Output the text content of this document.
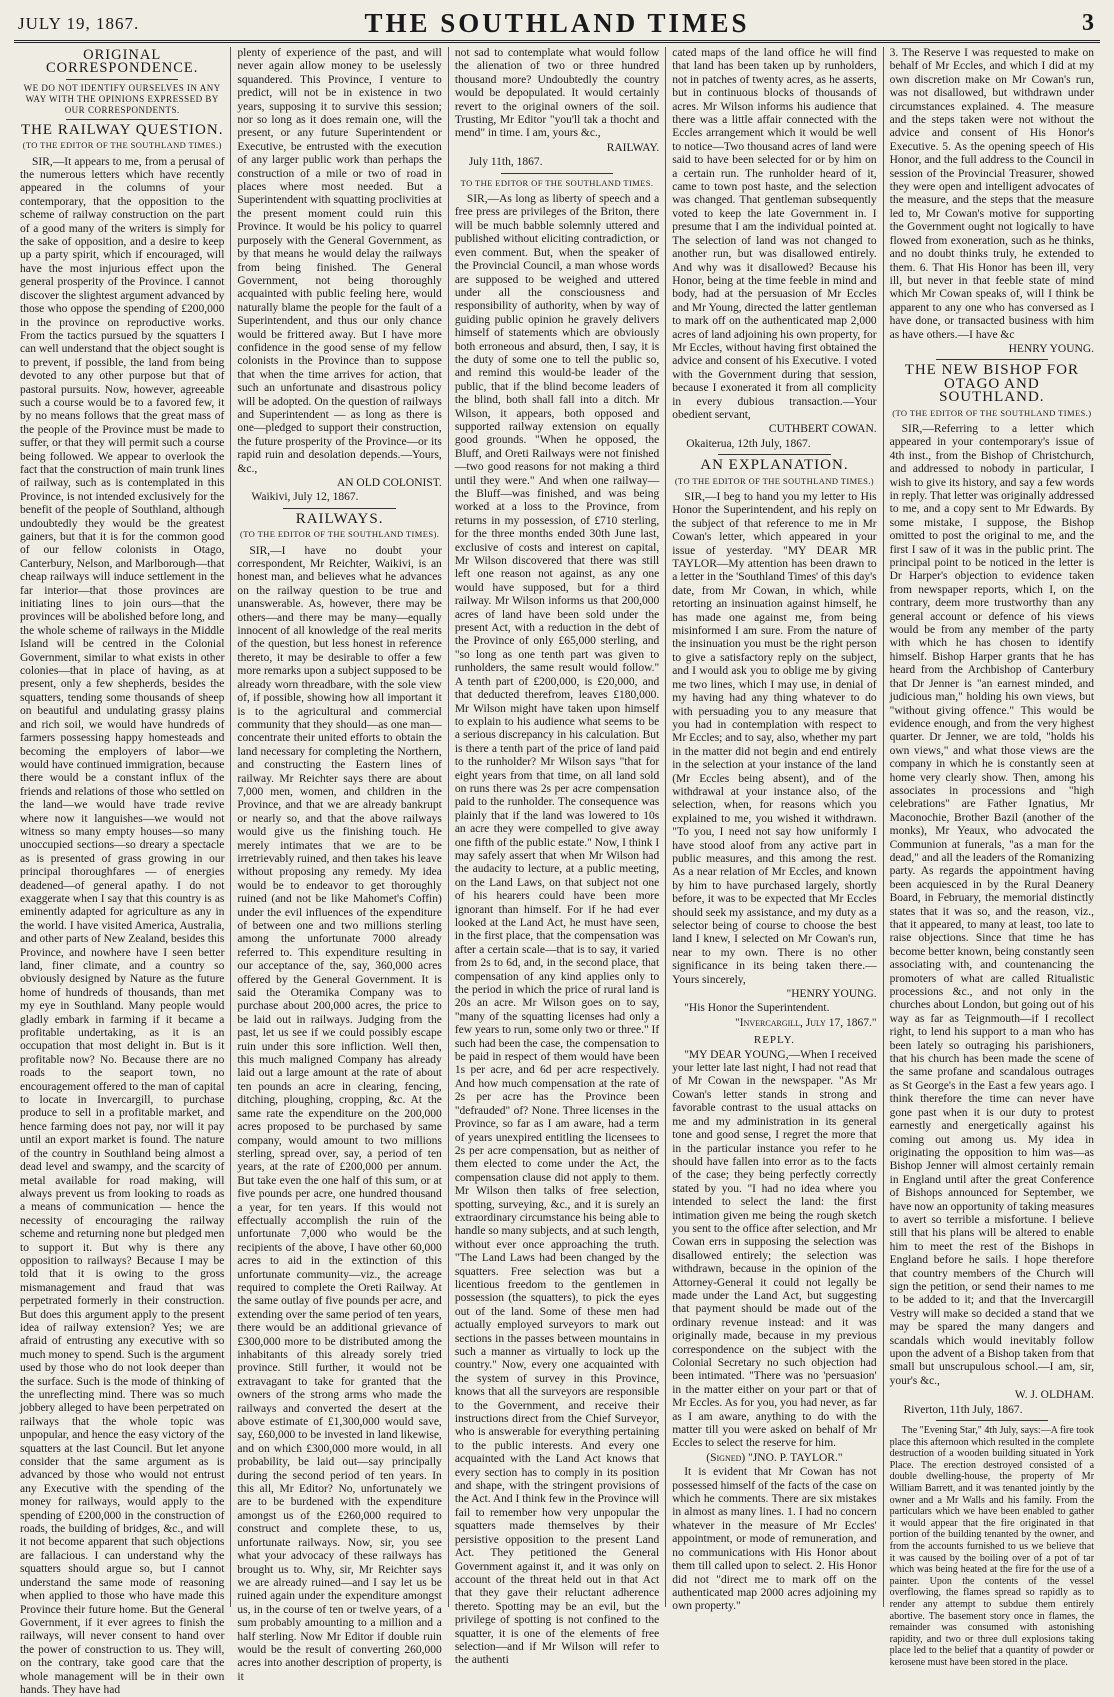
JULY 19, 1867.	THE SOUTHLAND TIMES	3
ORIGINAL CORRESPONDENCE.
WE DO NOT IDENTIFY OURSELVES IN ANY WAY WITH THE OPINIONS EXPRESSED BY OUR CORRESPONDENTS.
THE RAILWAY QUESTION.
(TO THE EDITOR OF THE SOUTHLAND TIMES.)

SIR,—It appears to me, from a perusal of the numerous letters which have recently appeared in the columns of your contemporary, that the opposition to the scheme of railway construction on the part of a good many of the writers is simply for the sake of opposition, and a desire to keep up a party spirit, which if encouraged, will have the most injurious effect upon the general prosperity of the Province. I cannot discover the slightest argument advanced by those who oppose the spending of £200,000 in the province on reproductive works. From the tactics pursued by the squatters I can well understand that the object sought is to prevent, if possible, the land from being devoted to any other purpose but that of pastoral pursuits. Now, however, agreeable such a course would be to a favored few, it by no means follows that the great mass of the people of the Province must be made to suffer, or that they will permit such a course being followed. We appear to overlook the fact that the construction of main trunk lines of railway, such as is contemplated in this Province, is not intended exclusively for the benefit of the people of Southland, although undoubtedly they would be the greatest gainers, but that it is for the common good of our fellow colonists in Otago, Canterbury, Nelson, and Marlborough—that cheap railways will induce settlement in the far interior—that those provinces are initiating lines to join ours—that the provinces will be abolished before long, and the whole scheme of railways in the Middle Island will be centred in the Colonial Government, similar to what exists in other colonies—that in place of having, as at present, only a few shepherds, besides the squatters, tending some thousands of sheep on beautiful and undulating grassy plains and rich soil, we would have hundreds of farmers possessing happy homesteads and becoming the employers of labor—we would have continued immigration, because there would be a constant influx of the friends and relations of those who settled on the land—we would have trade revive where now it languishes—we would not witness so many empty houses—so many unoccupied sections—so dreary a spectacle as is presented of grass growing in our principal thoroughfares — of energies deadened—of general apathy. I do not exaggerate when I say that this country is as eminently adapted for agriculture as any in the world. I have visited America, Australia, and other parts of New Zealand, besides this Province, and nowhere have I seen better land, finer climate, and a country so obviously designed by Nature as the future home of hundreds of thousands, than met my eye in Southland. Many people would gladly embark in farming if it became a profitable undertaking, as it is an occupation that most delight in. But is it profitable now? No. Because there are no roads to the seaport town, no encouragement offered to the man of capital to locate in Invercargill, to purchase produce to sell in a profitable market, and hence farming does not pay, nor will it pay until an export market is found. The nature of the country in Southland being almost a dead level and swampy, and the scarcity of metal available for road making, will always prevent us from looking to roads as a means of communication — hence the necessity of encouraging the railway scheme and returning none but pledged men to support it. But why is there any opposition to railways? Because I may be told that it is owing to the gross mismanagement and fraud that was perpetrated formerly in their construction. But does this argument apply to the present idea of railway extension? Yes; we are afraid of entrusting any executive with so much money to spend. Such is the argument used by those who do not look deeper than the surface. Such is the mode of thinking of the unreflecting mind. There was so much jobbery alleged to have been perpetrated on railways that the whole topic was unpopular, and hence the easy victory of the squatters at the last Council. But let anyone consider that the same argument as is advanced by those who would not entrust any Executive with the spending of the money for railways, would apply to the spending of £200,000 in the construction of roads, the building of bridges, &c., and will it not become apparent that such objections are fallacious. I can understand why the squatters should argue so, but I cannot understand the same mode of reasoning when applied to those who have made this Province their future home. But the General Government, if it ever agrees to finish the railways, will never consent to hand over the power of construction to us. They will, on the contrary, take good care that the whole management will be in their own hands. They have had

plenty of experience of the past, and will never again allow money to be uselessly squandered. This Province, I venture to predict, will not be in existence in two years, supposing it to survive this session; nor so long as it does remain one, will the present, or any future Superintendent or Executive, be entrusted with the execution of any larger public work than perhaps the construction of a mile or two of road in places where most needed. But a Superintendent with squatting proclivities at the present moment could ruin this Province. It would be his policy to quarrel purposely with the General Government, as by that means he would delay the railways from being finished. The General Government, not being thoroughly acquainted with public feeling here, would naturally blame the people for the fault of a Superintendent, and thus our only chance would be frittered away. But I have more confidence in the good sense of my fellow colonists in the Province than to suppose that when the time arrives for action, that such an unfortunate and disastrous policy will be adopted. On the question of railways and Superintendent — as long as there is one—pledged to support their construction, the future prosperity of the Province—or its rapid ruin and desolation depends.—Yours, &c.,

AN OLD COLONIST.
Waikivi, July 12, 1867.
RAILWAYS.
(TO THE EDITOR OF THE SOUTHLAND TIMES).

SIR,—I have no doubt your correspondent, Mr Reichter, Waikivi, is an honest man, and believes what he advances on the railway question to be true and unanswerable. As, however, there may be others—and there may be many—equally innocent of all knowledge of the real merits of the question, but less honest in reference thereto, it may be desirable to offer a few more remarks upon a subject supposed to be already worn threadbare, with the sole view of, if possible, showing how all important it is to the agricultural and commercial community that they should—as one man—concentrate their united efforts to obtain the land necessary for completing the Northern, and constructing the Eastern lines of railway. Mr Reichter says there are about 7,000 men, women, and children in the Province, and that we are already bankrupt or nearly so, and that the above railways would give us the finishing touch. He merely intimates that we are to be irretrievably ruined, and then takes his leave without proposing any remedy. My idea would be to endeavor to get thoroughly ruined (and not be like Mahomet's Coffin) under the evil influences of the expenditure of between one and two millions sterling among the unfortunate 7000 already referred to. This expenditure resulting in our acceptance of the, say, 360,000 acres offered by the General Government. It is said the Oteramika Company was to purchase about 200,000 acres, the price to be laid out in railways. Judging from the past, let us see if we could possibly escape ruin under this sore infliction. Well then, this much maligned Company has already laid out a large amount at the rate of about ten pounds an acre in clearing, fencing, ditching, ploughing, cropping, &c. At the same rate the expenditure on the 200,000 acres proposed to be purchased by same company, would amount to two millions sterling, spread over, say, a period of ten years, at the rate of £200,000 per annum. But take even the one half of this sum, or at five pounds per acre, one hundred thousand a year, for ten years. If this would not effectually accomplish the ruin of the unfortunate 7,000 who would be the recipients of the above, I have other 60,000 acres to aid in the extinction of this unfortunate community—viz., the acreage required to complete the Oreti Railway. At the same outlay of five pounds per acre, and extending over the same period of ten years, there would be an additional grievance of £300,000 more to be distributed among the inhabitants of this already sorely tried province. Still further, it would not be extravagant to take for granted that the owners of the strong arms who made the railways and converted the desert at the above estimate of £1,300,000 would save, say, £60,000 to be invested in land likewise, and on which £300,000 more would, in all probability, be laid out—say principally during the second period of ten years. In this all, Mr Editor? No, unfortunately we are to be burdened with the expenditure amongst us of the £260,000 required to construct and complete these, to us, unfortunate railways. Now, sir, you see what your advocacy of these railways has brought us to. Why, sir, Mr Reichter says we are already ruined—and I say let us be ruined again under the expenditure amongst us, in the course of ten or twelve years, of a sum probably amounting to a million and a half sterling. Now Mr Editor if double ruin would be the result of converting 260,000 acres into another description of property, is it

not sad to contemplate what would follow the alienation of two or three hundred thousand more? Undoubtedly the country would be depopulated. It would certainly revert to the original owners of the soil. Trusting, Mr Editor "you'll tak a thocht and mend" in time. I am, yours &c.,

RAILWAY.
July 11th, 1867.
TO THE EDITOR OF THE SOUTHLAND TIMES.

SIR,—As long as liberty of speech and a free press are privileges of the Briton, there will be much babble solemnly uttered and published without eliciting contradiction, or even comment. But, when the speaker of the Provincial Council, a man whose words are supposed to be weighed and uttered under all the consciousness and responsibility of authority, when by way of guiding public opinion he gravely delivers himself of statements which are obviously both erroneous and absurd, then, I say, it is the duty of some one to tell the public so, and remind this would-be leader of the public, that if the blind become leaders of the blind, both shall fall into a ditch. Mr Wilson, it appears, both opposed and supported railway extension on equally good grounds. "When he opposed, the Bluff, and Oreti Railways were not finished—two good reasons for not making a third until they were." And when one railway—the Bluff—was finished, and was being worked at a loss to the Province, from returns in my possession, of £710 sterling, for the three months ended 30th June last, exclusive of costs and interest on capital, Mr Wilson discovered that there was still left one reason not against, as any one would have supposed, but for a third railway. Mr Wilson informs us that 200,000 acres of land have been sold under the present Act, with a reduction in the debt of the Province of only £65,000 sterling, and "so long as one tenth part was given to runholders, the same result would follow." A tenth part of £200,000, is £20,000, and that deducted therefrom, leaves £180,000. Mr Wilson might have taken upon himself to explain to his audience what seems to be a serious discrepancy in his calculation. But is there a tenth part of the price of land paid to the runholder? Mr Wilson says "that for eight years from that time, on all land sold on runs there was 2s per acre compensation paid to the runholder. The consequence was plainly that if the land was lowered to 10s an acre they were compelled to give away one fifth of the public estate." Now, I think I may safely assert that when Mr Wilson had the audacity to lecture, at a public meeting, on the Land Laws, on that subject not one of his hearers could have been more ignorant than himself. For if he had ever looked at the Land Act, he must have seen, in the first place, that the compensation was after a certain scale—that is to say, it varied from 2s to 6d, and, in the second place, that compensation of any kind applies only to the period in which the price of rural land is 20s an acre. Mr Wilson goes on to say, "many of the squatting licenses had only a few years to run, some only two or three." If such had been the case, the compensation to be paid in respect of them would have been 1s per acre, and 6d per acre respectively. And how much compensation at the rate of 2s per acre has the Province been "defrauded" of? None. Three licenses in the Province, so far as I am aware, had a term of years unexpired entitling the licensees to 2s per acre compensation, but as neither of them elected to come under the Act, the compensation clause did not apply to them. Mr Wilson then talks of free selection, spotting, surveying, &c., and it is surely an extraordinary circumstance his being able to handle so many subjects, and at such length, without ever once approaching the truth. "The Land Laws had been changed by the squatters. Free selection was but a licentious freedom to the gentlemen in possession (the squatters), to pick the eyes out of the land. Some of these men had actually employed surveyors to mark out sections in the passes between mountains in such a manner as virtually to lock up the country." Now, every one acquainted with the system of survey in this Province, knows that all the surveyors are responsible to the Government, and receive their instructions direct from the Chief Surveyor, who is answerable for everything pertaining to the public interests. And every one acquainted with the Land Act knows that every section has to comply in its position and shape, with the stringent provisions of the Act. And I think few in the Province will fail to remember how very unpopular the squatters made themselves by their persistive opposition to the present Land Act. They petitioned the General Government against it, and it was only on account of the threat held out in that Act that they gave their reluctant adherence thereto. Spotting may be an evil, but the privilege of spotting is not confined to the squatter, it is one of the elements of free selection—and if Mr Wilson will refer to the authenti

cated maps of the land office he will find that land has been taken up by runholders, not in patches of twenty acres, as he asserts, but in continuous blocks of thousands of acres. Mr Wilson informs his audience that there was a little affair connected with the Eccles arrangement which it would be well to notice—Two thousand acres of land were said to have been selected for or by him on a certain run. The runholder heard of it, came to town post haste, and the selection was changed. That gentleman subsequently voted to keep the late Government in. I presume that I am the individual pointed at. The selection of land was not changed to another run, but was disallowed entirely. And why was it disallowed? Because his Honor, being at the time feeble in mind and body, had at the persuasion of Mr Eccles and Mr Young, directed the latter gentleman to mark off on the authenticated map 2,000 acres of land adjoining his own property, for Mr Eccles, without having first obtained the advice and consent of his Executive. I voted with the Government during that session, because I exonerated it from all complicity in every dubious transaction.—Your obedient servant,

CUTHBERT COWAN.
Okaiterua, 12th July, 1867.
AN EXPLANATION.
(TO THE EDITOR OF THE SOUTHLAND TIMES.)

SIR,—I beg to hand you my letter to His Honor the Superintendent, and his reply on the subject of that reference to me in Mr Cowan's letter, which appeared in your issue of yesterday. "MY DEAR MR TAYLOR—My attention has been drawn to a letter in the 'Southland Times' of this day's date, from Mr Cowan, in which, while retorting an insinuation against himself, he has made one against me, from being misinformed I am sure. From the nature of the insinuation you must be the right person to give a satisfactory reply on the subject, and I would ask you to oblige me by giving me two lines, which I may use, in denial of my having had any thing whatever to do with persuading you to any measure that you had in contemplation with respect to Mr Eccles; and to say, also, whether my part in the matter did not begin and end entirely in the selection at your instance of the land (Mr Eccles being absent), and of the withdrawal at your instance also, of the selection, when, for reasons which you explained to me, you wished it withdrawn. "To you, I need not say how uniformly I have stood aloof from any active part in public measures, and this among the rest. As a near relation of Mr Eccles, and known by him to have purchased largely, shortly before, it was to be expected that Mr Eccles should seek my assistance, and my duty as a selector being of course to choose the best land I knew, I selected on Mr Cowan's run, near to my own. There is no other significance in its being taken there.—Yours sincerely,

"HENRY YOUNG.

"His Honor the Superintendent.

"Invercargill, July 17, 1867."
REPLY.

"MY DEAR YOUNG,—When I received your letter late last night, I had not read that of Mr Cowan in the newspaper. "As Mr Cowan's letter stands in strong and favorable contrast to the usual attacks on me and my administration in its general tone and good sense, I regret the more that in the particular instance you refer to he should have fallen into error as to the facts of the case; they being perfectly correctly stated by you. "I had no idea where you intended to select the land: the first intimation given me being the rough sketch you sent to the office after selection, and Mr Cowan errs in supposing the selection was disallowed entirely; the selection was withdrawn, because in the opinion of the Attorney-General it could not legally be made under the Land Act, but suggesting that payment should be made out of the ordinary revenue instead: and it was originally made, because in my previous correspondence on the subject with the Colonial Secretary no such objection had been intimated. "There was no 'persuasion' in the matter either on your part or that of Mr Eccles. As for you, you had never, as far as I am aware, anything to do with the matter till you were asked on behalf of Mr Eccles to select the reserve for him.

(Signed) "JNO. P. TAYLOR."

It is evident that Mr Cowan has not possessed himself of the facts of the case on which he comments. There are six mistakes in almost as many lines. 1. I had no concern whatever in the measure of Mr Eccles' appointment, or mode of remuneration, and no communications with His Honor about them till called upon to select. 2. His Honor did not "direct me to mark off on the authenticated map 2000 acres adjoining my own property."

3. The Reserve I was requested to make on behalf of Mr Eccles, and which I did at my own discretion make on Mr Cowan's run, was not disallowed, but withdrawn under circumstances explained. 4. The measure and the steps taken were not without the advice and consent of His Honor's Executive. 5. As the opening speech of His Honor, and the full address to the Council in session of the Provincial Treasurer, showed they were open and intelligent advocates of the measure, and the steps that the measure led to, Mr Cowan's motive for supporting the Government ought not logically to have flowed from exoneration, such as he thinks, and no doubt thinks truly, he extended to them. 6. That His Honor has been ill, very ill, but never in that feeble state of mind which Mr Cowan speaks of, will I think be apparent to any one who has conversed as I have done, or transacted business with him as have others.—I have &c

HENRY YOUNG.
THE NEW BISHOP FOR OTAGO AND SOUTHLAND.
(TO THE EDITOR OF THE SOUTHLAND TIMES.)

SIR,—Referring to a letter which appeared in your contemporary's issue of 4th inst., from the Bishop of Christchurch, and addressed to nobody in particular, I wish to give its history, and say a few words in reply. That letter was originally addressed to me, and a copy sent to Mr Edwards. By some mistake, I suppose, the Bishop omitted to post the original to me, and the first I saw of it was in the public print. The principal point to be noticed in the letter is Dr Harper's objection to evidence taken from newspaper reports, which I, on the contrary, deem more trustworthy than any general account or defence of his views would be from any member of the party with which he has chosen to identify himself. Bishop Harper grants that he has heard from the Archbishop of Canterbury that Dr Jenner is "an earnest minded, and judicious man," holding his own views, but "without giving offence." This would be evidence enough, and from the very highest quarter. Dr Jenner, we are told, "holds his own views," and what those views are the company in which he is constantly seen at home very clearly show. Then, among his associates in processions and "high celebrations" are Father Ignatius, Mr Maconochie, Brother Bazil (another of the monks), Mr Yeaux, who advocated the Communion at funerals, "as a man for the dead," and all the leaders of the Romanizing party. As regards the appointment having been acquiesced in by the Rural Deanery Board, in February, the memorial distinctly states that it was so, and the reason, viz., that it appeared, to many at least, too late to raise objections. Since that time he has become better known, being constantly seen associating with, and countenancing the promoters of what are called Ritualistic processions &c., and not only in the churches about London, but going out of his way as far as Teignmouth—if I recollect right, to lend his support to a man who has been lately so outraging his parishioners, that his church has been made the scene of the same profane and scandalous outrages as St George's in the East a few years ago. I think therefore the time can never have gone past when it is our duty to protest earnestly and energetically against his coming out among us. My idea in originating the opposition to him was—as Bishop Jenner will almost certainly remain in England until after the great Conference of Bishops announced for September, we have now an opportunity of taking measures to avert so terrible a misfortune. I believe still that his plans will be altered to enable him to meet the rest of the Bishops in England before he sails. I hope therefore that country members of the Church will sign the petition, or send their names to me to be added to it; and that the Invercargill Vestry will make so decided a stand that we may be spared the many dangers and scandals which would inevitably follow upon the advent of a Bishop taken from that small but unscrupulous school.—I am, sir, your's &c.,

W. J. OLDHAM.
Riverton, 11th July, 1867.

The "Evening Star," 4th July, says:—A fire took place this afternoon which resulted in the complete destruction of a wooden building situated in York Place. The erection destroyed consisted of a double dwelling-house, the property of Mr William Barrett, and it was tenanted jointly by the owner and a Mr Walls and his family. From the particulars which we have been enabled to gather it would appear that the fire originated in that portion of the building tenanted by the owner, and from the accounts furnished to us we believe that it was caused by the boiling over of a pot of tar which was being heated at the fire for the use of a painter. Upon the contents of the vessel overflowing, the flames spread so rapidly as to render any attempt to subdue them entirely abortive. The basement story once in flames, the remainder was consumed with astonishing rapidity, and two or three dull explosions taking place led to the belief that a quantity of powder or kerosene must have been stored in the place.
